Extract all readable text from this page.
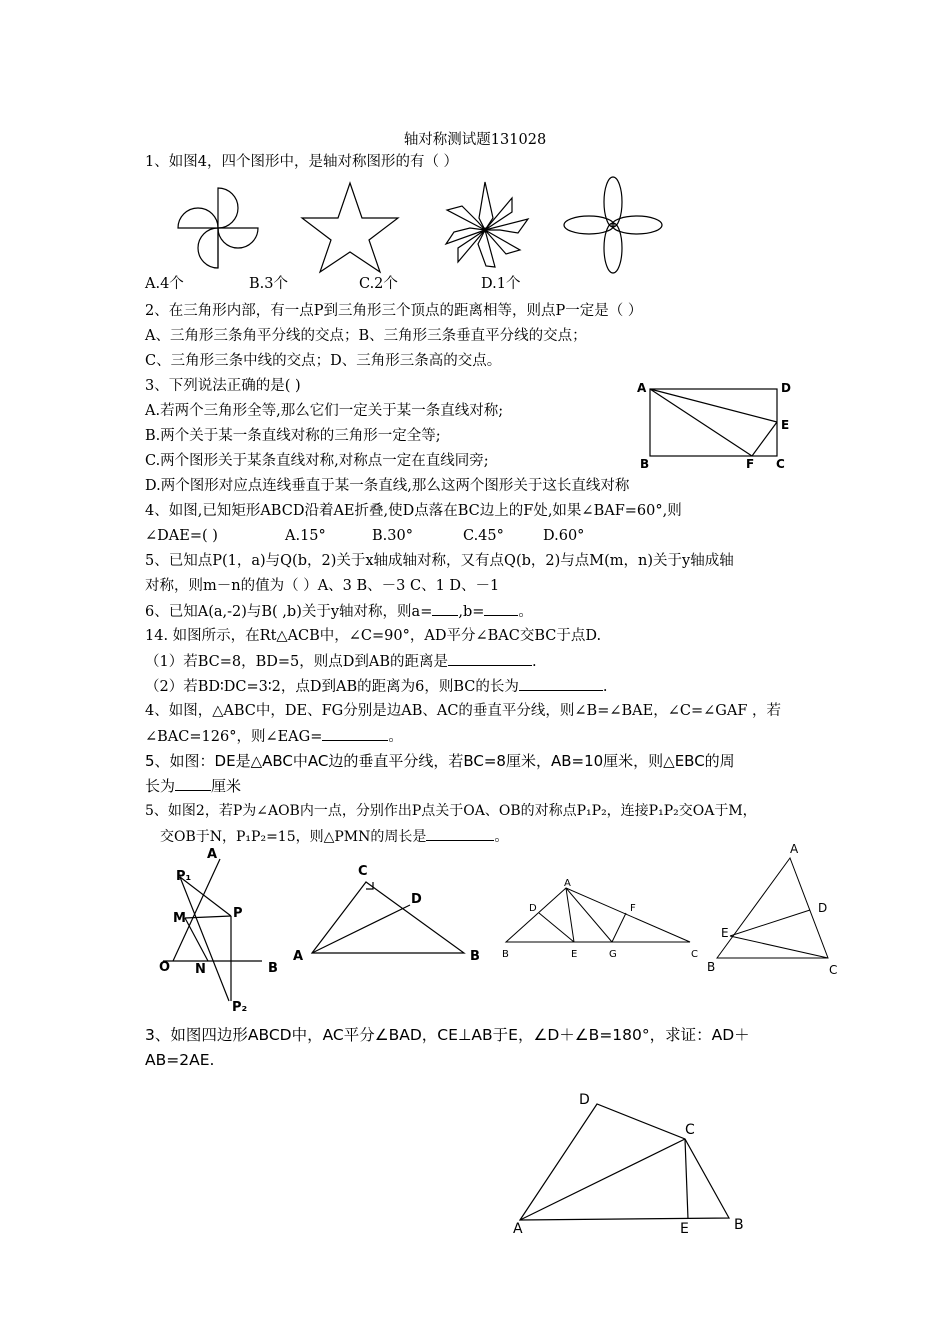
轴对称测试题131028
1、如图4，四个图形中，是轴对称图形的有（ ）
A.4个	B.3个	C.2个	D.1个
2、在三角形内部，有一点P到三角形三个顶点的距离相等，则点P一定是（ ）
A、三角形三条角平分线的交点；B、三角形三条垂直平分线的交点；
C、三角形三条中线的交点；D、三角形三条高的交点。
3、下列说法正确的是( )
A.若两个三角形全等,那么它们一定关于某一条直线对称;
B.两个关于某一条直线对称的三角形一定全等;
C.两个图形关于某条直线对称,对称点一定在直线同旁;
D.两个图形对应点连线垂直于某一条直线,那么这两个图形关于这长直线对称
A	D
E
B	F C
4、如图,已知矩形ABCD沿着AE折叠,使D点落在BC边上的F处,如果∠BAF=60°,则
∠DAE=( )	A.15°	B.30°	C.45°	D.60°
5、已知点P(1，a)与Q(b，2)关于x轴成轴对称，又有点Q(b，2)与点M(m，n)关于y轴成轴
对称，则m－n的值为（ ）A、3 B、－3 C、1 D、－1
6、已知A(a,-2)与B( ,b)关于y轴对称，则a= ,b= 。
14. 如图所示，在Rt△ACB中，∠C=90°，AD平分∠BAC交BC于点D.
（1）若BC=8，BD=5，则点D到AB的距离是	.
（2）若BD∶DC=3∶2，点D到AB的距离为6，则BC的长为	.
4、如图，△ABC中，DE、FG分别是边AB、AC的垂直平分线，则∠B=∠BAE，∠C=∠GAF ，若
∠BAC=126°，则∠EAG=	。
5、如图：DE是△ABC中AC边的垂直平分线，若BC=8厘米，AB=10厘米，则△EBC的周
长为 厘米
5、如图2，若P为∠AOB内一点，分别作出P点关于OA、OB的对称点P₁P₂，连接P₁P₂交OA于M，
交OB于N，P₁P₂=15，则△PMN的周长是	。
P₁
A
M	P
O N	B
P₂
C
D
A	B
A
D	F
B	E	G	C
A
D
E
B	C
3、如图四边形ABCD中，AC平分∠BAD，CE⊥AB于E，∠D＋∠B=180°，求证：AD＋
AB=2AE.
D
C
A	E	B
